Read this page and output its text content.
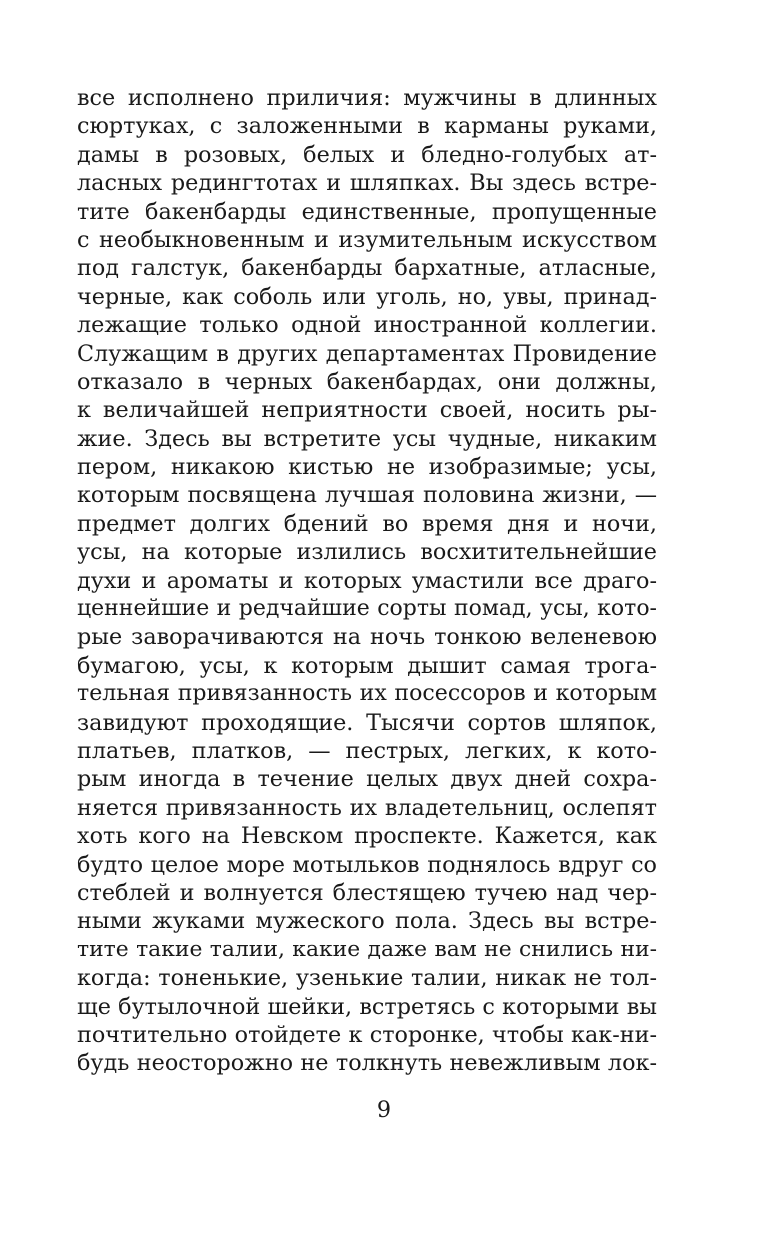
все исполнено приличия: мужчины в длинных
сюртуках, с заложенными в карманы руками,
дамы в розовых, белых и бледно-голубых ат-
ласных редингтотах и шляпках. Вы здесь встре-
тите бакенбарды единственные, пропущенные
с необыкновенным и изумительным искусством
под галстук, бакенбарды бархатные, атласные,
черные, как соболь или уголь, но, увы, принад-
лежащие только одной иностранной коллегии.
Служащим в других департаментах Провидение
отказало в черных бакенбардах, они должны,
к величайшей неприятности своей, носить ры-
жие. Здесь вы встретите усы чудные, никаким
пером, никакою кистью не изобразимые; усы,
которым посвящена лучшая половина жизни, —
предмет долгих бдений во время дня и ночи,
усы, на которые излились восхитительнейшие
духи и ароматы и которых умастили все драго-
ценнейшие и редчайшие сорты помад, усы, кото-
рые заворачиваются на ночь тонкою веленевою
бумагою, усы, к которым дышит самая трога-
тельная привязанность их посессоров и которым
завидуют проходящие. Тысячи сортов шляпок,
платьев, платков, — пестрых, легких, к кото-
рым иногда в течение целых двух дней сохра-
няется привязанность их владетельниц, ослепят
хоть кого на Невском проспекте. Кажется, как
будто целое море мотыльков поднялось вдруг со
стеблей и волнуется блестящею тучею над чер-
ными жуками мужеского пола. Здесь вы встре-
тите такие талии, какие даже вам не снились ни-
когда: тоненькие, узенькие талии, никак не тол-
ще бутылочной шейки, встретясь с которыми вы
почтительно отойдете к сторонке, чтобы как-ни-
будь неосторожно не толкнуть невежливым лок-
9
